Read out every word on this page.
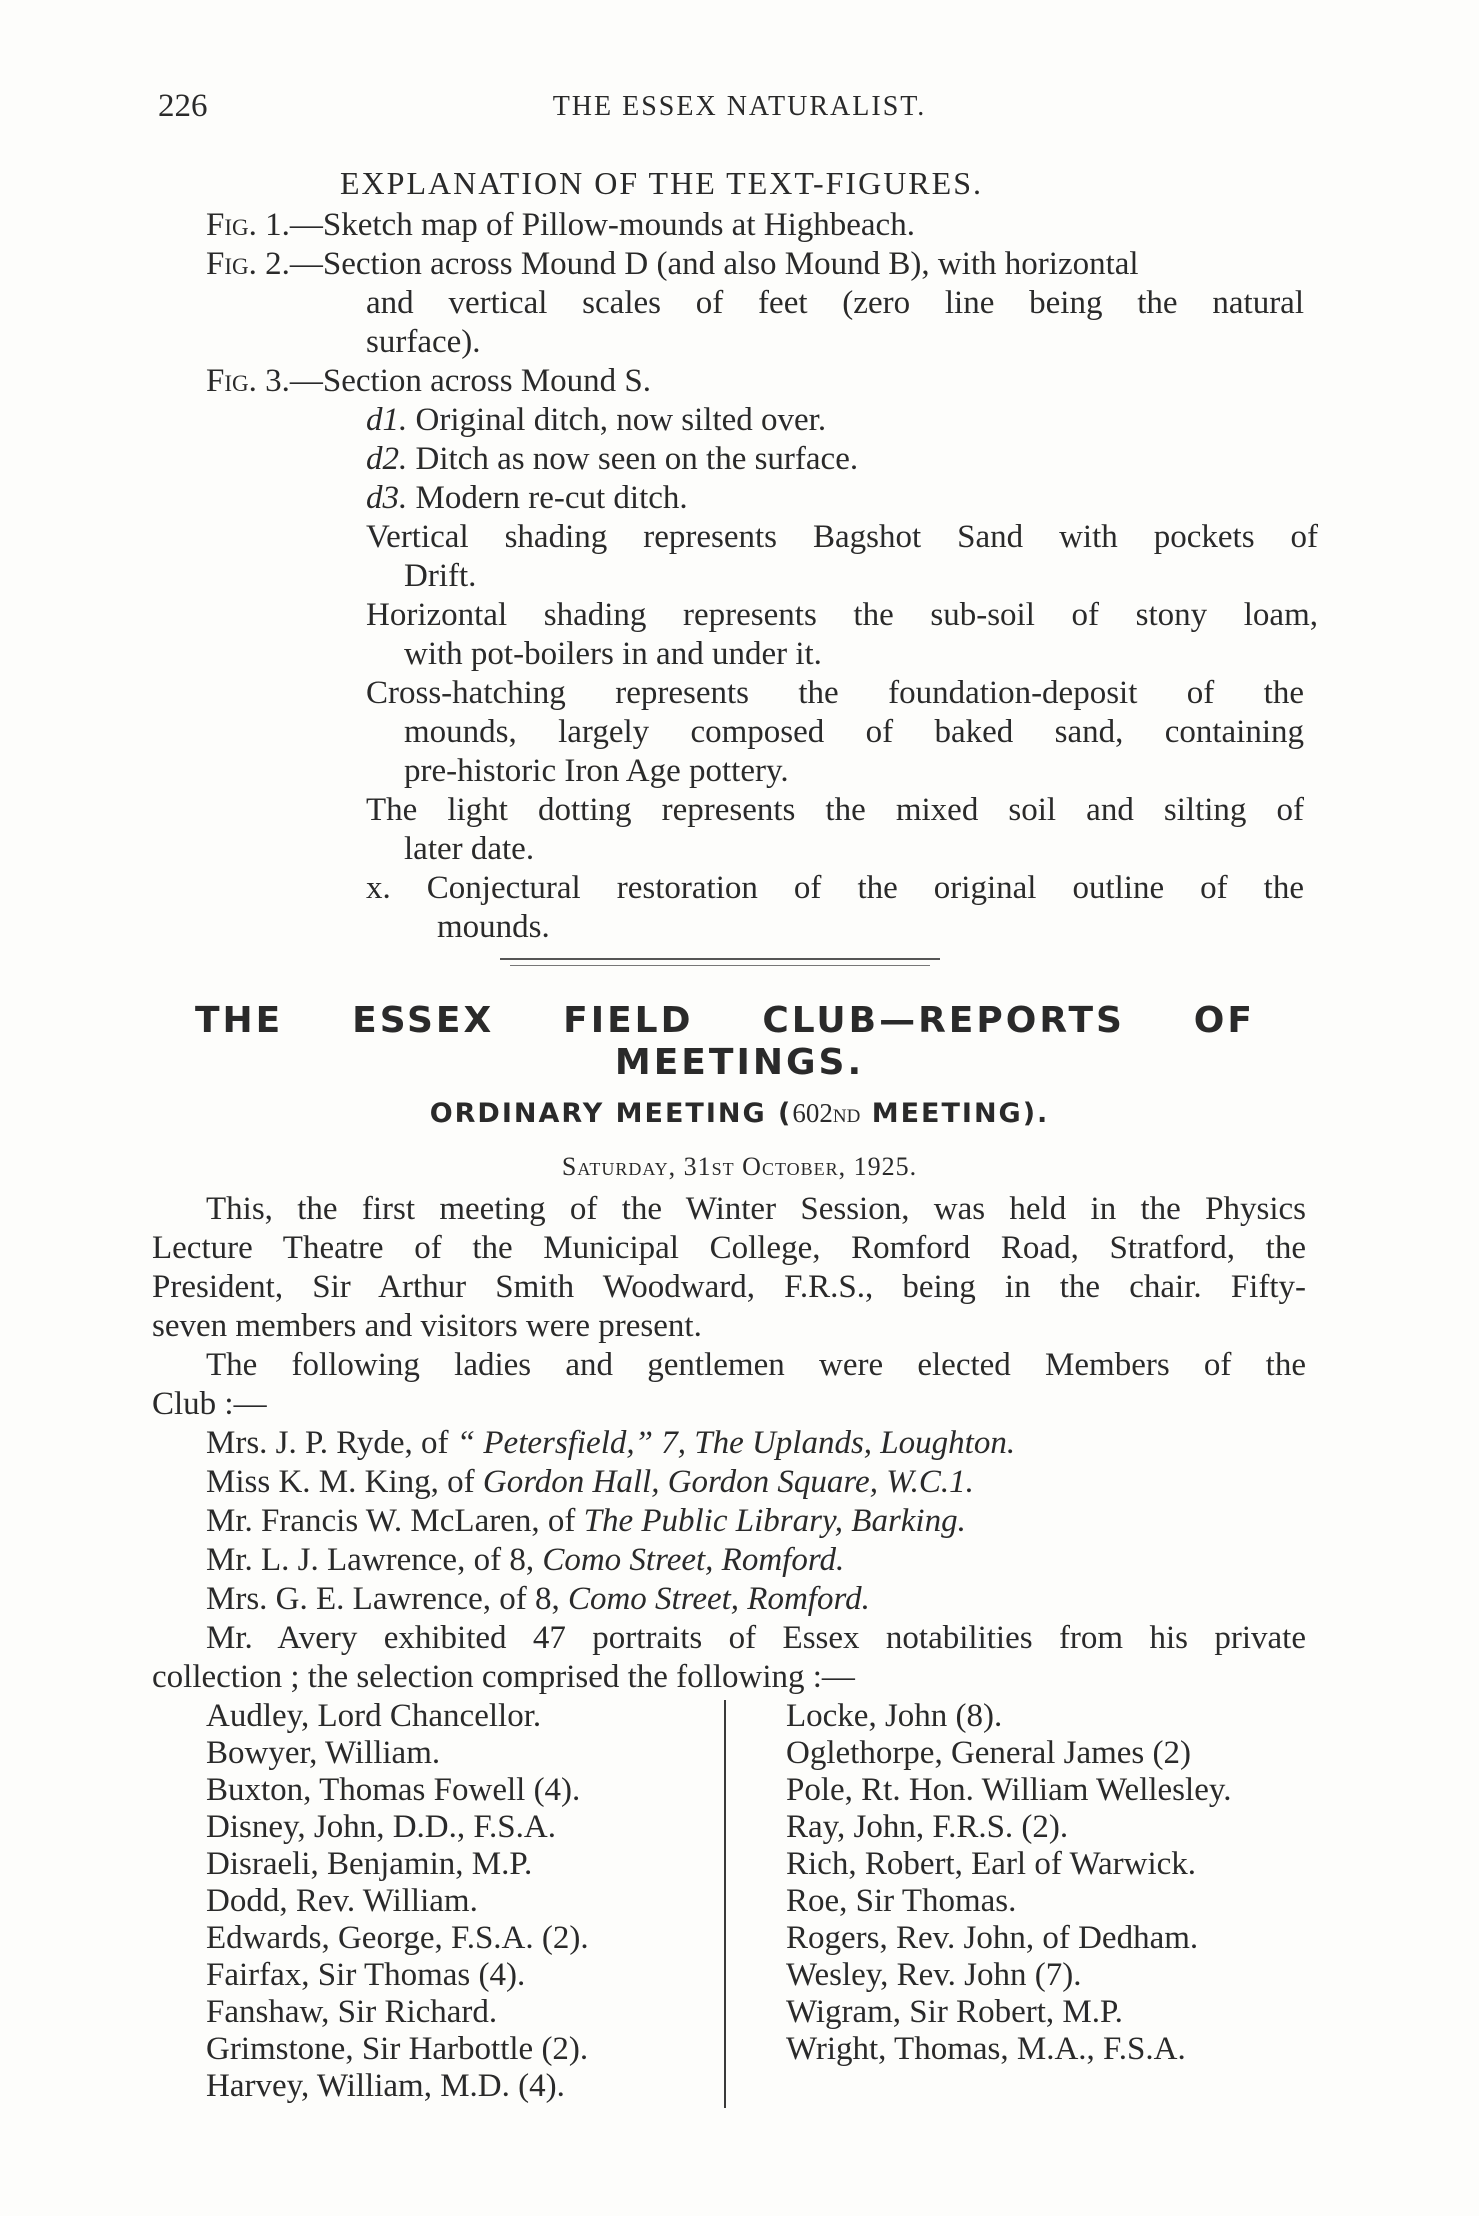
226	THE ESSEX NATURALIST.
EXPLANATION OF THE TEXT-FIGURES.
Fig. 1.—Sketch map of Pillow-mounds at Highbeach.
Fig. 2.—Section across Mound D (and also Mound B), with horizontal
and vertical scales of feet (zero line being the natural
surface).
Fig. 3.—Section across Mound S.
d1. Original ditch, now silted over.
d2. Ditch as now seen on the surface.
d3. Modern re-cut ditch.
Vertical shading represents Bagshot Sand with pockets of
Drift.
Horizontal shading represents the sub-soil of stony loam,
with pot-boilers in and under it.
Cross-hatching represents the foundation-deposit of the
mounds, largely composed of baked sand, containing
pre-historic Iron Age pottery.
The light dotting represents the mixed soil and silting of
later date.
x. Conjectural restoration of the original outline of the
mounds.
THE ESSEX FIELD CLUB—REPORTS OF
MEETINGS.
ORDINARY MEETING (602nd MEETING).
Saturday, 31st October, 1925.
This, the first meeting of the Winter Session, was held in the Physics
Lecture Theatre of the Municipal College, Romford Road, Stratford, the
President, Sir Arthur Smith Woodward, F.R.S., being in the chair. Fifty-
seven members and visitors were present.
The following ladies and gentlemen were elected Members of the
Club :—
Mrs. J. P. Ryde, of “ Petersfield,” 7, The Uplands, Loughton.
Miss K. M. King, of Gordon Hall, Gordon Square, W.C.1.
Mr. Francis W. McLaren, of The Public Library, Barking.
Mr. L. J. Lawrence, of 8, Como Street, Romford.
Mrs. G. E. Lawrence, of 8, Como Street, Romford.
Mr. Avery exhibited 47 portraits of Essex notabilities from his private
collection ; the selection comprised the following :—
Audley, Lord Chancellor.
Bowyer, William.
Buxton, Thomas Fowell (4).
Disney, John, D.D., F.S.A.
Disraeli, Benjamin, M.P.
Dodd, Rev. William.
Edwards, George, F.S.A. (2).
Fairfax, Sir Thomas (4).
Fanshaw, Sir Richard.
Grimstone, Sir Harbottle (2).
Harvey, William, M.D. (4).
Locke, John (8).
Oglethorpe, General James (2)
Pole, Rt. Hon. William Wellesley.
Ray, John, F.R.S. (2).
Rich, Robert, Earl of Warwick.
Roe, Sir Thomas.
Rogers, Rev. John, of Dedham.
Wesley, Rev. John (7).
Wigram, Sir Robert, M.P.
Wright, Thomas, M.A., F.S.A.
